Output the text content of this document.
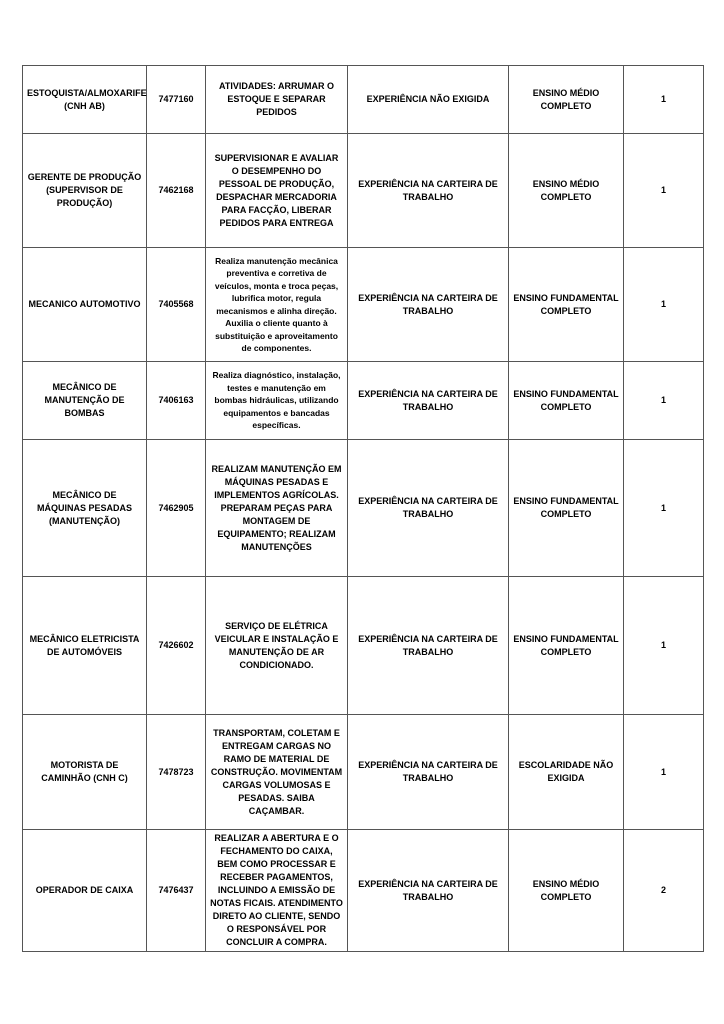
ESTOQUISTA/ALMOXARIFE (CNH AB)	7477160	ATIVIDADES: ARRUMAR O ESTOQUE E SEPARAR PEDIDOS	EXPERIÊNCIA NÃO EXIGIDA	ENSINO MÉDIO COMPLETO	1
GERENTE DE PRODUÇÃO (SUPERVISOR DE PRODUÇÃO)	7462168	SUPERVISIONAR E AVALIAR O DESEMPENHO DO PESSOAL DE PRODUÇÃO, DESPACHAR MERCADORIA PARA FACÇÃO, LIBERAR PEDIDOS PARA ENTREGA	EXPERIÊNCIA NA CARTEIRA DE TRABALHO	ENSINO MÉDIO COMPLETO	1
MECANICO AUTOMOTIVO	7405568	Realiza manutenção mecânica preventiva e corretiva de veículos, monta e troca peças, lubrifica motor, regula mecanismos e alinha direção. Auxilia o cliente quanto à substituição e aproveitamento de componentes.	EXPERIÊNCIA NA CARTEIRA DE TRABALHO	ENSINO FUNDAMENTAL COMPLETO	1
MECÂNICO DE MANUTENÇÃO DE BOMBAS	7406163	Realiza diagnóstico, instalação, testes e manutenção em bombas hidráulicas, utilizando equipamentos e bancadas específicas.	EXPERIÊNCIA NA CARTEIRA DE TRABALHO	ENSINO FUNDAMENTAL COMPLETO	1
MECÂNICO DE MÁQUINAS PESADAS (MANUTENÇÃO)	7462905	REALIZAM MANUTENÇÃO EM MÁQUINAS PESADAS E IMPLEMENTOS AGRÍCOLAS. PREPARAM PEÇAS PARA MONTAGEM DE EQUIPAMENTO; REALIZAM MANUTENÇÕES	EXPERIÊNCIA NA CARTEIRA DE TRABALHO	ENSINO FUNDAMENTAL COMPLETO	1
MECÂNICO ELETRICISTA DE AUTOMÓVEIS	7426602	SERVIÇO DE ELÉTRICA VEICULAR E INSTALAÇÃO E MANUTENÇÃO DE AR CONDICIONADO.	EXPERIÊNCIA NA CARTEIRA DE TRABALHO	ENSINO FUNDAMENTAL COMPLETO	1
MOTORISTA DE CAMINHÃO (CNH C)	7478723	TRANSPORTAM, COLETAM E ENTREGAM CARGAS NO RAMO DE MATERIAL DE CONSTRUÇÃO. MOVIMENTAM CARGAS VOLUMOSAS E PESADAS. SAIBA CAÇAMBAR.	EXPERIÊNCIA NA CARTEIRA DE TRABALHO	ESCOLARIDADE NÃO EXIGIDA	1
OPERADOR DE CAIXA	7476437	REALIZAR A ABERTURA E O FECHAMENTO DO CAIXA, BEM COMO PROCESSAR E RECEBER PAGAMENTOS, INCLUINDO A EMISSÃO DE NOTAS FICAIS. ATENDIMENTO DIRETO AO CLIENTE, SENDO O RESPONSÁVEL POR CONCLUIR A COMPRA.	EXPERIÊNCIA NA CARTEIRA DE TRABALHO	ENSINO MÉDIO COMPLETO	2
